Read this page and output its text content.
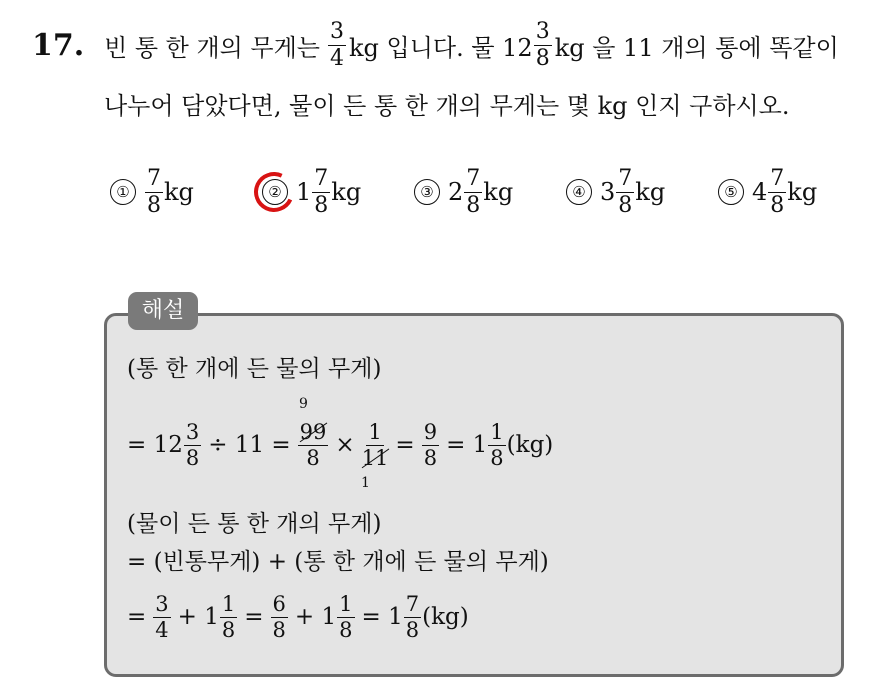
17. 빈 통 한 개의 무게는 $\frac{3}{4}$ kg 입니다. 물 $12 \frac{3}{8}$ kg 을 11 개의 통에 똑같이
나누어 담았다면, 물이 든 통 한 개의 무게는 몇 kg 인지 구하시오.
① $\frac{7}{8}$ kg	② $1 \frac{7}{8}$ kg	③ $2 \frac{7}{8}$ kg	④ $3 \frac{7}{8}$ kg	⑤ $4 \frac{7}{8}$ kg
해설
(통 한 개에 든 물의 무게)
= $12 \frac{3}{8} \div 11 = \frac{99}{8} \times \frac{1}{11} = \frac{9}{8} = 1 \frac{1}{8} (kg)$
9
1
(물이 든 통 한 개의 무게)
= (빈통무게) + (통 한 개에 든 물의 무게)
= $\frac{3}{4} + 1 \frac{1}{8} = \frac{6}{8} + 1 \frac{1}{8} = 1 \frac{7}{8} (kg)$
